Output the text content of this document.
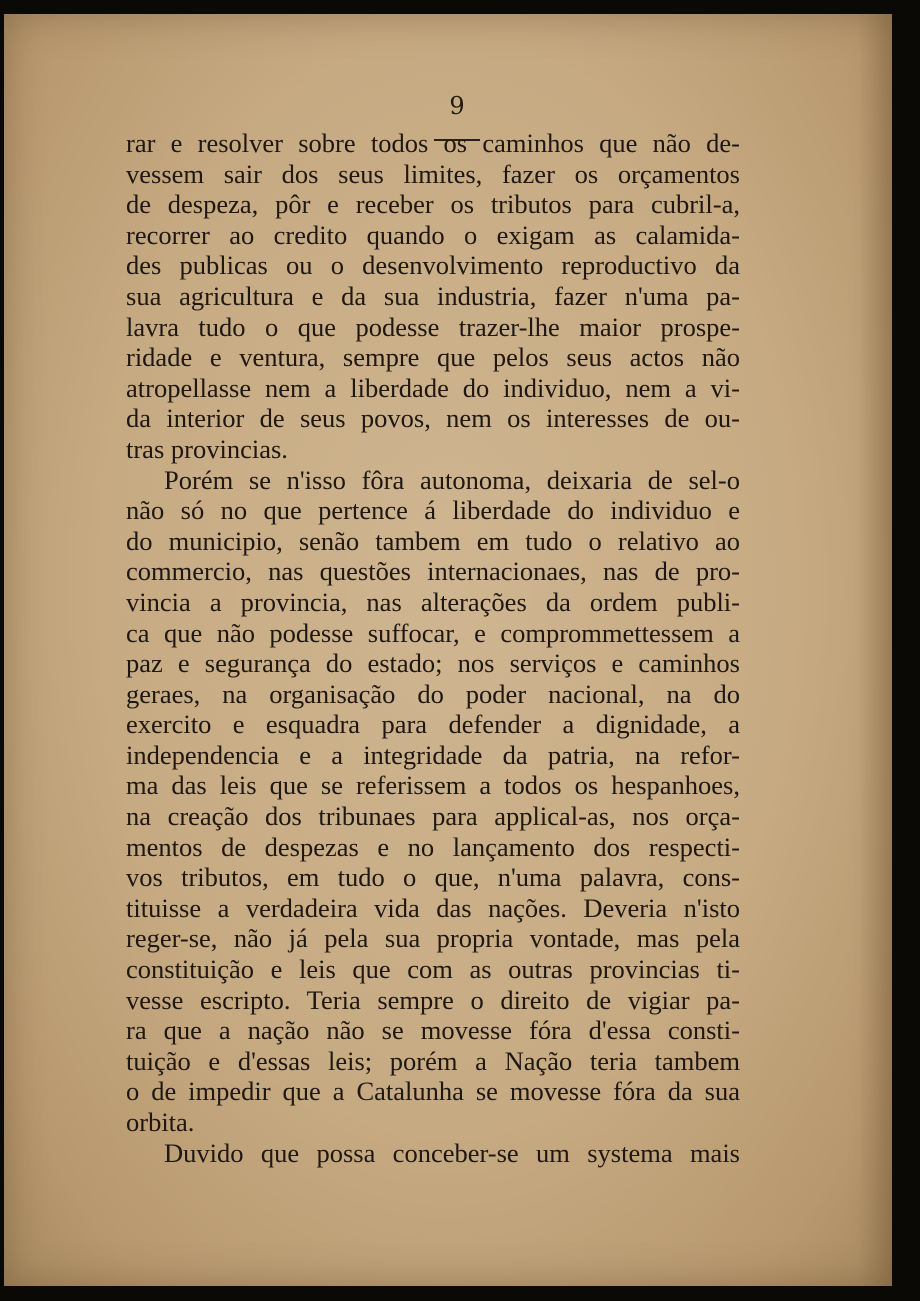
9
rar e resolver sobre todos os caminhos que não de-
vessem sair dos seus limites, fazer os orçamentos
de despeza, pôr e receber os tributos para cubril-a,
recorrer ao credito quando o exigam as calamida-
des publicas ou o desenvolvimento reproductivo da
sua agricultura e da sua industria, fazer n'uma pa-
lavra tudo o que podesse trazer-lhe maior prospe-
ridade e ventura, sempre que pelos seus actos não
atropellasse nem a liberdade do individuo, nem a vi-
da interior de seus povos, nem os interesses de ou-
tras provincias.
Porém se n'isso fôra autonoma, deixaria de sel-o
não só no que pertence á liberdade do individuo e
do municipio, senão tambem em tudo o relativo ao
commercio, nas questões internacionaes, nas de pro-
vincia a provincia, nas alterações da ordem publi-
ca que não podesse suffocar, e comprommettessem a
paz e segurança do estado; nos serviços e caminhos
geraes, na organisação do poder nacional, na do
exercito e esquadra para defender a dignidade, a
independencia e a integridade da patria, na refor-
ma das leis que se referissem a todos os hespanhoes,
na creação dos tribunaes para applical-as, nos orça-
mentos de despezas e no lançamento dos respecti-
vos tributos, em tudo o que, n'uma palavra, cons-
tituisse a verdadeira vida das nações. Deveria n'isto
reger-se, não já pela sua propria vontade, mas pela
constituição e leis que com as outras provincias ti-
vesse escripto. Teria sempre o direito de vigiar pa-
ra que a nação não se movesse fóra d'essa consti-
tuição e d'essas leis; porém a Nação teria tambem
o de impedir que a Catalunha se movesse fóra da sua
orbita.
Duvido que possa conceber-se um systema mais
